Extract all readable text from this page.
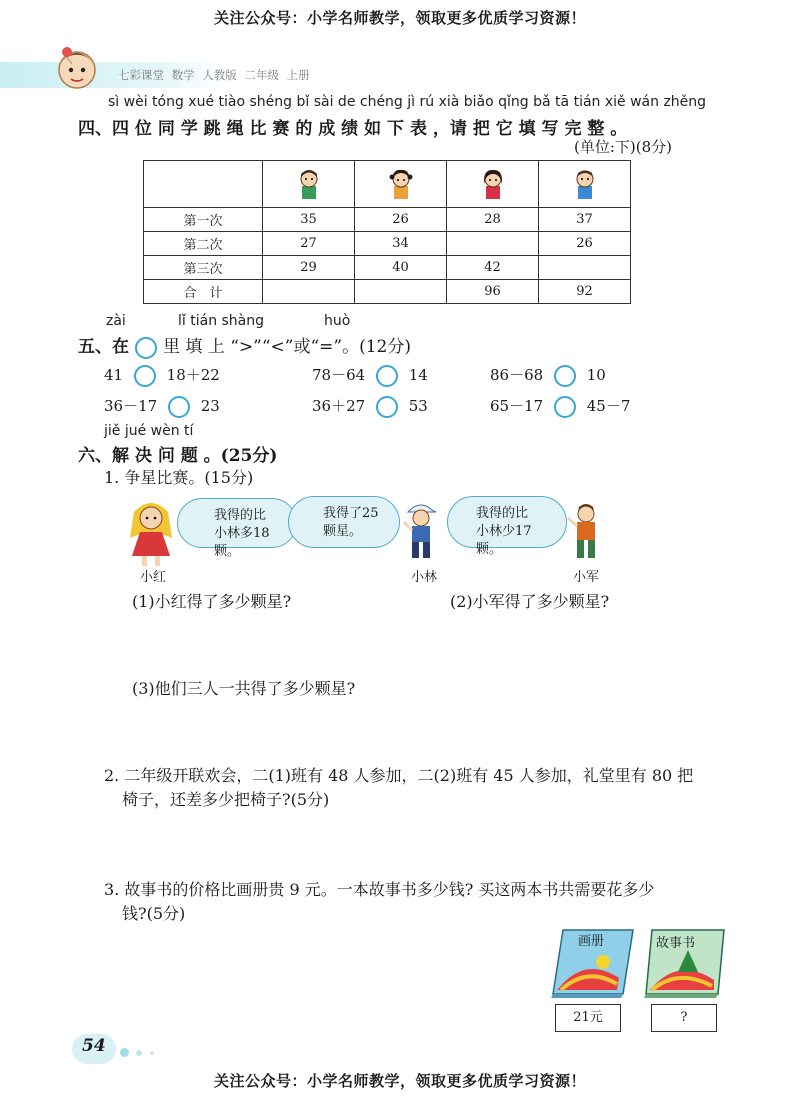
关注公众号：小学名师教学，领取更多优质学习资源！
七彩课堂 数学 人教版 二年级 上册
sì wèi tóng xué tiào shéng bǐ sài de chéng jì rú xià biǎo qǐng bǎ tā tián xiě wán zhěng
四、四 位 同 学 跳 绳 比 赛 的 成 绩 如 下 表 ，请 把 它 填 写 完 整 。
(单位:下)(8分)

第一次	35	26	28	37
第二次	27	34		26
第三次	29	40	42	
合　计			96	92
zài	lǐ tián shàng	huò
五、在 里 填 上 “>”“<”或“=”。(12分)
41	18＋22	78－64	14	86－68	10
36－17	23	36＋27	53	65－17	45－7
jiě jué wèn tí
六、解 决 问 题 。(25分)
1. 争星比赛。(15分)
我得的比
小林多18颗。
我得了25
颗星。
我得的比
小林少17颗。
小红	小林	小军
(1)小红得了多少颗星?	(2)小军得了多少颗星?
(3)他们三人一共得了多少颗星?
2. 二年级开联欢会，二(1)班有 48 人参加，二(2)班有 45 人参加，礼堂里有 80 把
椅子，还差多少把椅子?(5分)
3. 故事书的价格比画册贵 9 元。一本故事书多少钱? 买这两本书共需要花多少
钱?(5分)
画册	故事书
21元	?
54
关注公众号：小学名师教学，领取更多优质学习资源！
